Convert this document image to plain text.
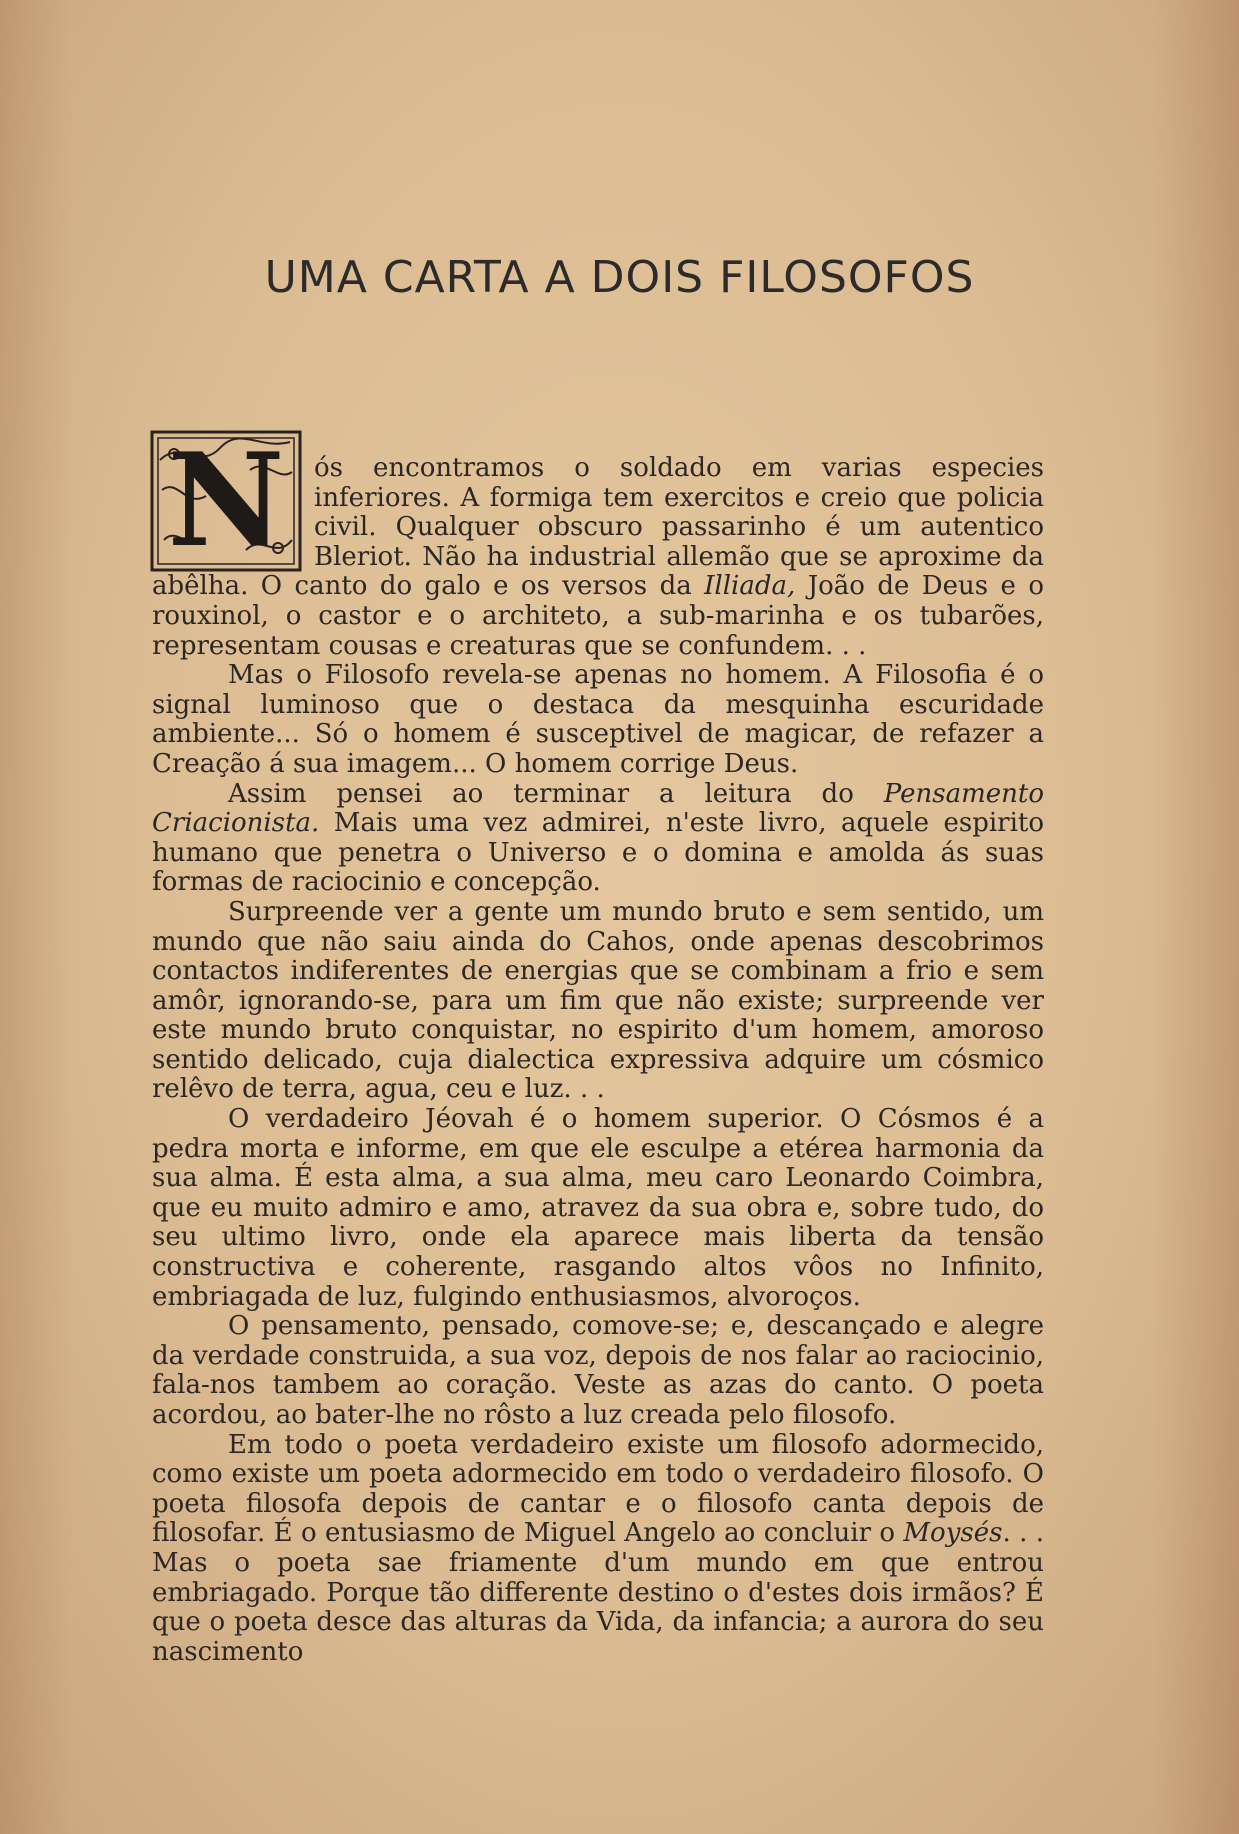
UMA CARTA A DOIS FILOSOFOS

N	ós encontramos o soldado em varias especies inferiores. A formiga tem exercitos e creio que policia civil. Qualquer obscuro passarinho é um autentico Bleriot. Não ha industrial allemão que se aproxime da abêlha. O canto do galo e os versos da Illiada, João de Deus e o rouxinol, o castor e o architeto, a sub-marinha e os tubarões, representam cousas e creaturas que se confundem. . .

Mas o Filosofo revela-se apenas no homem. A Filosofia é o signal luminoso que o destaca da mesquinha escuridade ambiente... Só o homem é susceptivel de magicar, de refazer a Creação á sua imagem... O homem corrige Deus.

Assim pensei ao terminar a leitura do Pensamento Criacionista. Mais uma vez admirei, n'este livro, aquele espirito humano que penetra o Universo e o domina e amolda ás suas formas de raciocinio e concepção.

Surpreende ver a gente um mundo bruto e sem sentido, um mundo que não saiu ainda do Cahos, onde apenas descobrimos contactos indiferentes de energias que se combinam a frio e sem amôr, ignorando-se, para um fim que não existe; surpreende ver este mundo bruto conquistar, no espirito d'um homem, amoroso sentido delicado, cuja dialectica expressiva adquire um cósmico relêvo de terra, agua, ceu e luz. . .

O verdadeiro Jéovah é o homem superior. O Cósmos é a pedra morta e informe, em que ele esculpe a etérea harmonia da sua alma. É esta alma, a sua alma, meu caro Leonardo Coimbra, que eu muito admiro e amo, atravez da sua obra e, sobre tudo, do seu ultimo livro, onde ela aparece mais liberta da tensão constructiva e coherente, rasgando altos vôos no Infinito, embriagada de luz, fulgindo enthusiasmos, alvoroços.

O pensamento, pensado, comove-se; e, descançado e alegre da verdade construida, a sua voz, depois de nos falar ao raciocinio, fala-nos tambem ao coração. Veste as azas do canto. O poeta acordou, ao bater-lhe no rôsto a luz creada pelo filosofo.

Em todo o poeta verdadeiro existe um filosofo adormecido, como existe um poeta adormecido em todo o verdadeiro filosofo. O poeta filosofa depois de cantar e o filosofo canta depois de filosofar. É o entusiasmo de Miguel Angelo ao concluir o Moysés. . . Mas o poeta sae friamente d'um mundo em que entrou embriagado. Porque tão differente destino o d'estes dois irmãos? É que o poeta desce das alturas da Vida, da infancia; a aurora do seu nascimento
